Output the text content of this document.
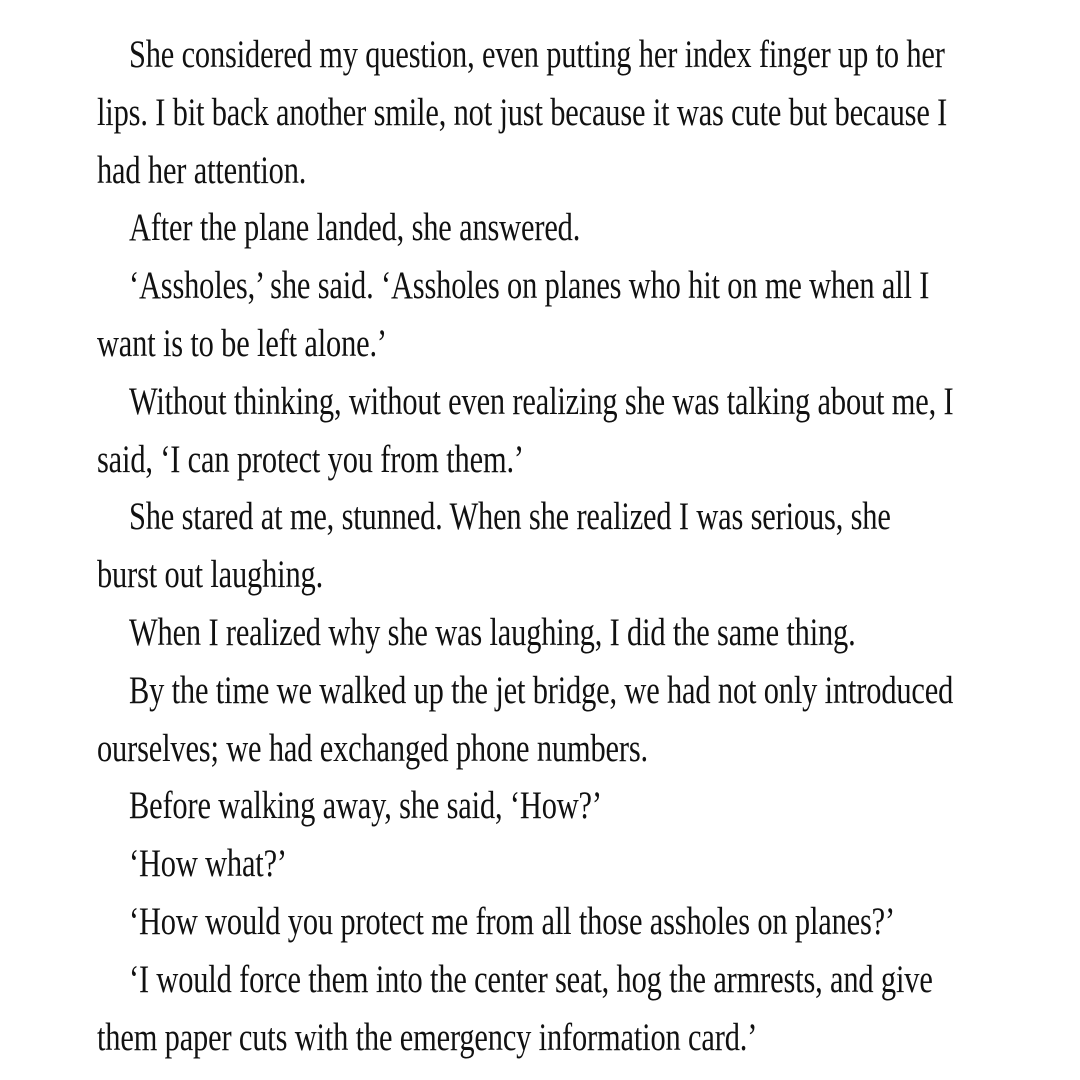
She considered my question, even putting her index finger up to her
lips. I bit back another smile, not just because it was cute but because I
had her attention.
After the plane landed, she answered.
‘Assholes,’ she said. ‘Assholes on planes who hit on me when all I
want is to be left alone.’
Without thinking, without even realizing she was talking about me, I
said, ‘I can protect you from them.’
She stared at me, stunned. When she realized I was serious, she
burst out laughing.
When I realized why she was laughing, I did the same thing.
By the time we walked up the jet bridge, we had not only introduced
ourselves; we had exchanged phone numbers.
Before walking away, she said, ‘How?’
‘How what?’
‘How would you protect me from all those assholes on planes?’
‘I would force them into the center seat, hog the armrests, and give
them paper cuts with the emergency information card.’
